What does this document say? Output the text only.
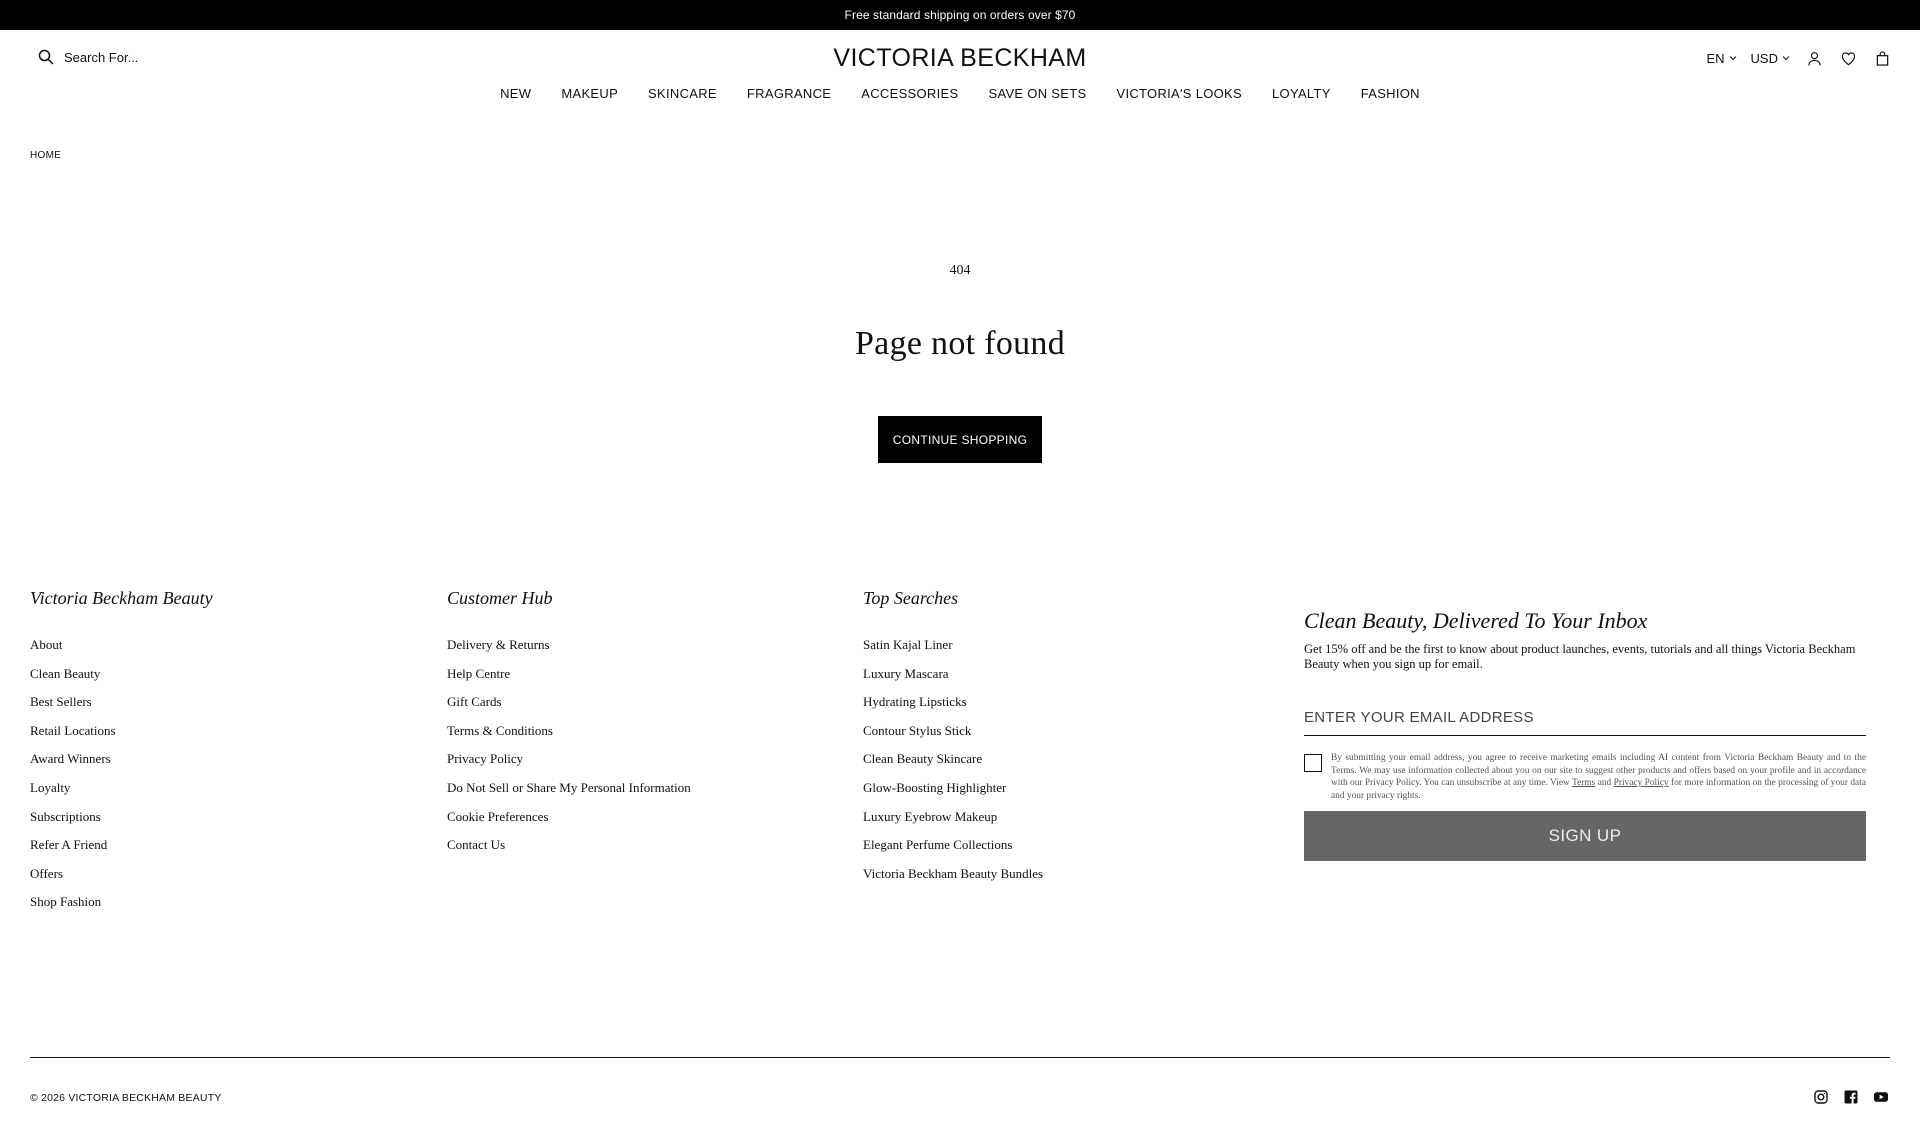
Free standard shipping on orders over $70
Search For...	VICTORIA BECKHAM	EN USD
NEW MAKEUP SKINCARE FRAGRANCE ACCESSORIES SAVE ON SETS VICTORIA'S LOOKS LOYALTY FASHION
HOME
404
Page not found
CONTINUE SHOPPING
Victoria Beckham Beauty
About
Clean Beauty
Best Sellers
Retail Locations
Award Winners
Loyalty
Subscriptions
Refer A Friend
Offers
Shop Fashion
Customer Hub
Delivery & Returns
Help Centre
Gift Cards
Terms & Conditions
Privacy Policy
Do Not Sell or Share My Personal Information
Cookie Preferences
Contact Us
Top Searches
Satin Kajal Liner
Luxury Mascara
Hydrating Lipsticks
Contour Stylus Stick
Clean Beauty Skincare
Glow-Boosting Highlighter
Luxury Eyebrow Makeup
Elegant Perfume Collections
Victoria Beckham Beauty Bundles
Clean Beauty, Delivered To Your Inbox

Get 15% off and be the first to know about product launches, events, tutorials and all things Victoria Beckham Beauty when you sign up for email.

ENTER YOUR EMAIL ADDRESS

By submitting your email address, you agree to receive marketing emails including AI content from Victoria Beckham Beauty and to the Terms. We may use information collected about you on our site to suggest other products and offers based on your profile and in accordance with our Privacy Policy. You can unsubscribe at any time. View Terms and Privacy Policy for more information on the processing of your data and your privacy rights.

SIGN UP
© 2026 VICTORIA BECKHAM BEAUTY
